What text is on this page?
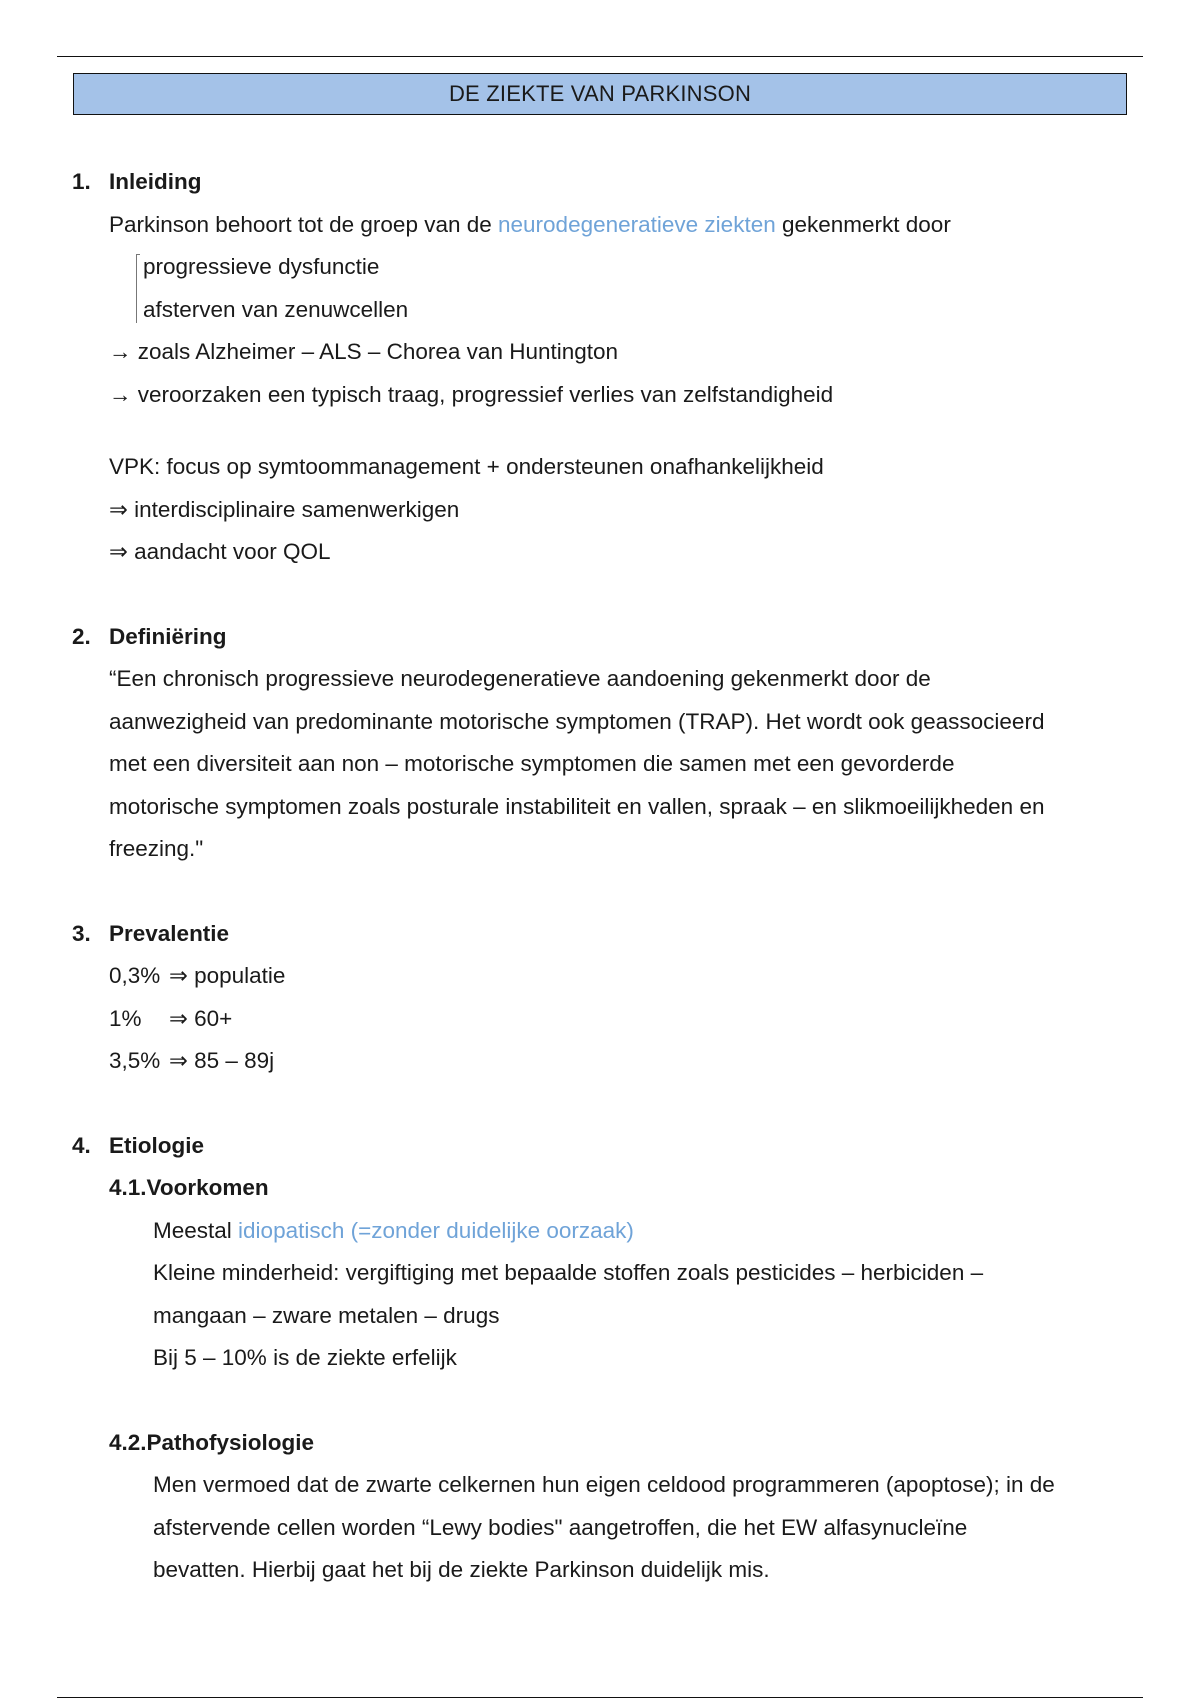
DE ZIEKTE VAN PARKINSON
1. Inleiding
Parkinson behoort tot de groep van de neurodegeneratieve ziekten gekenmerkt door
progressieve dysfunctie
afsterven van zenuwcellen
→ zoals Alzheimer – ALS – Chorea van Huntington
→ veroorzaken een typisch traag, progressief verlies van zelfstandigheid
VPK: focus op symtoommanagement + ondersteunen onafhankelijkheid
⇒ interdisciplinaire samenwerkigen
⇒ aandacht voor QOL
2. Definiëring
“Een chronisch progressieve neurodegeneratieve aandoening gekenmerkt door de
aanwezigheid van predominante motorische symptomen (TRAP). Het wordt ook geassocieerd
met een diversiteit aan non – motorische symptomen die samen met een gevorderde
motorische symptomen zoals posturale instabiliteit en vallen, spraak – en slikmoeilijkheden en
freezing."
3. Prevalentie
0,3% ⇒ populatie
1% ⇒ 60+
3,5% ⇒ 85 – 89j
4. Etiologie
4.1.Voorkomen
Meestal idiopatisch (=zonder duidelijke oorzaak)
Kleine minderheid: vergiftiging met bepaalde stoffen zoals pesticides – herbiciden –
mangaan – zware metalen – drugs
Bij 5 – 10% is de ziekte erfelijk
4.2.Pathofysiologie
Men vermoed dat de zwarte celkernen hun eigen celdood programmeren (apoptose); in de
afstervende cellen worden “Lewy bodies" aangetroffen, die het EW alfasynucleïne
bevatten. Hierbij gaat het bij de ziekte Parkinson duidelijk mis.
